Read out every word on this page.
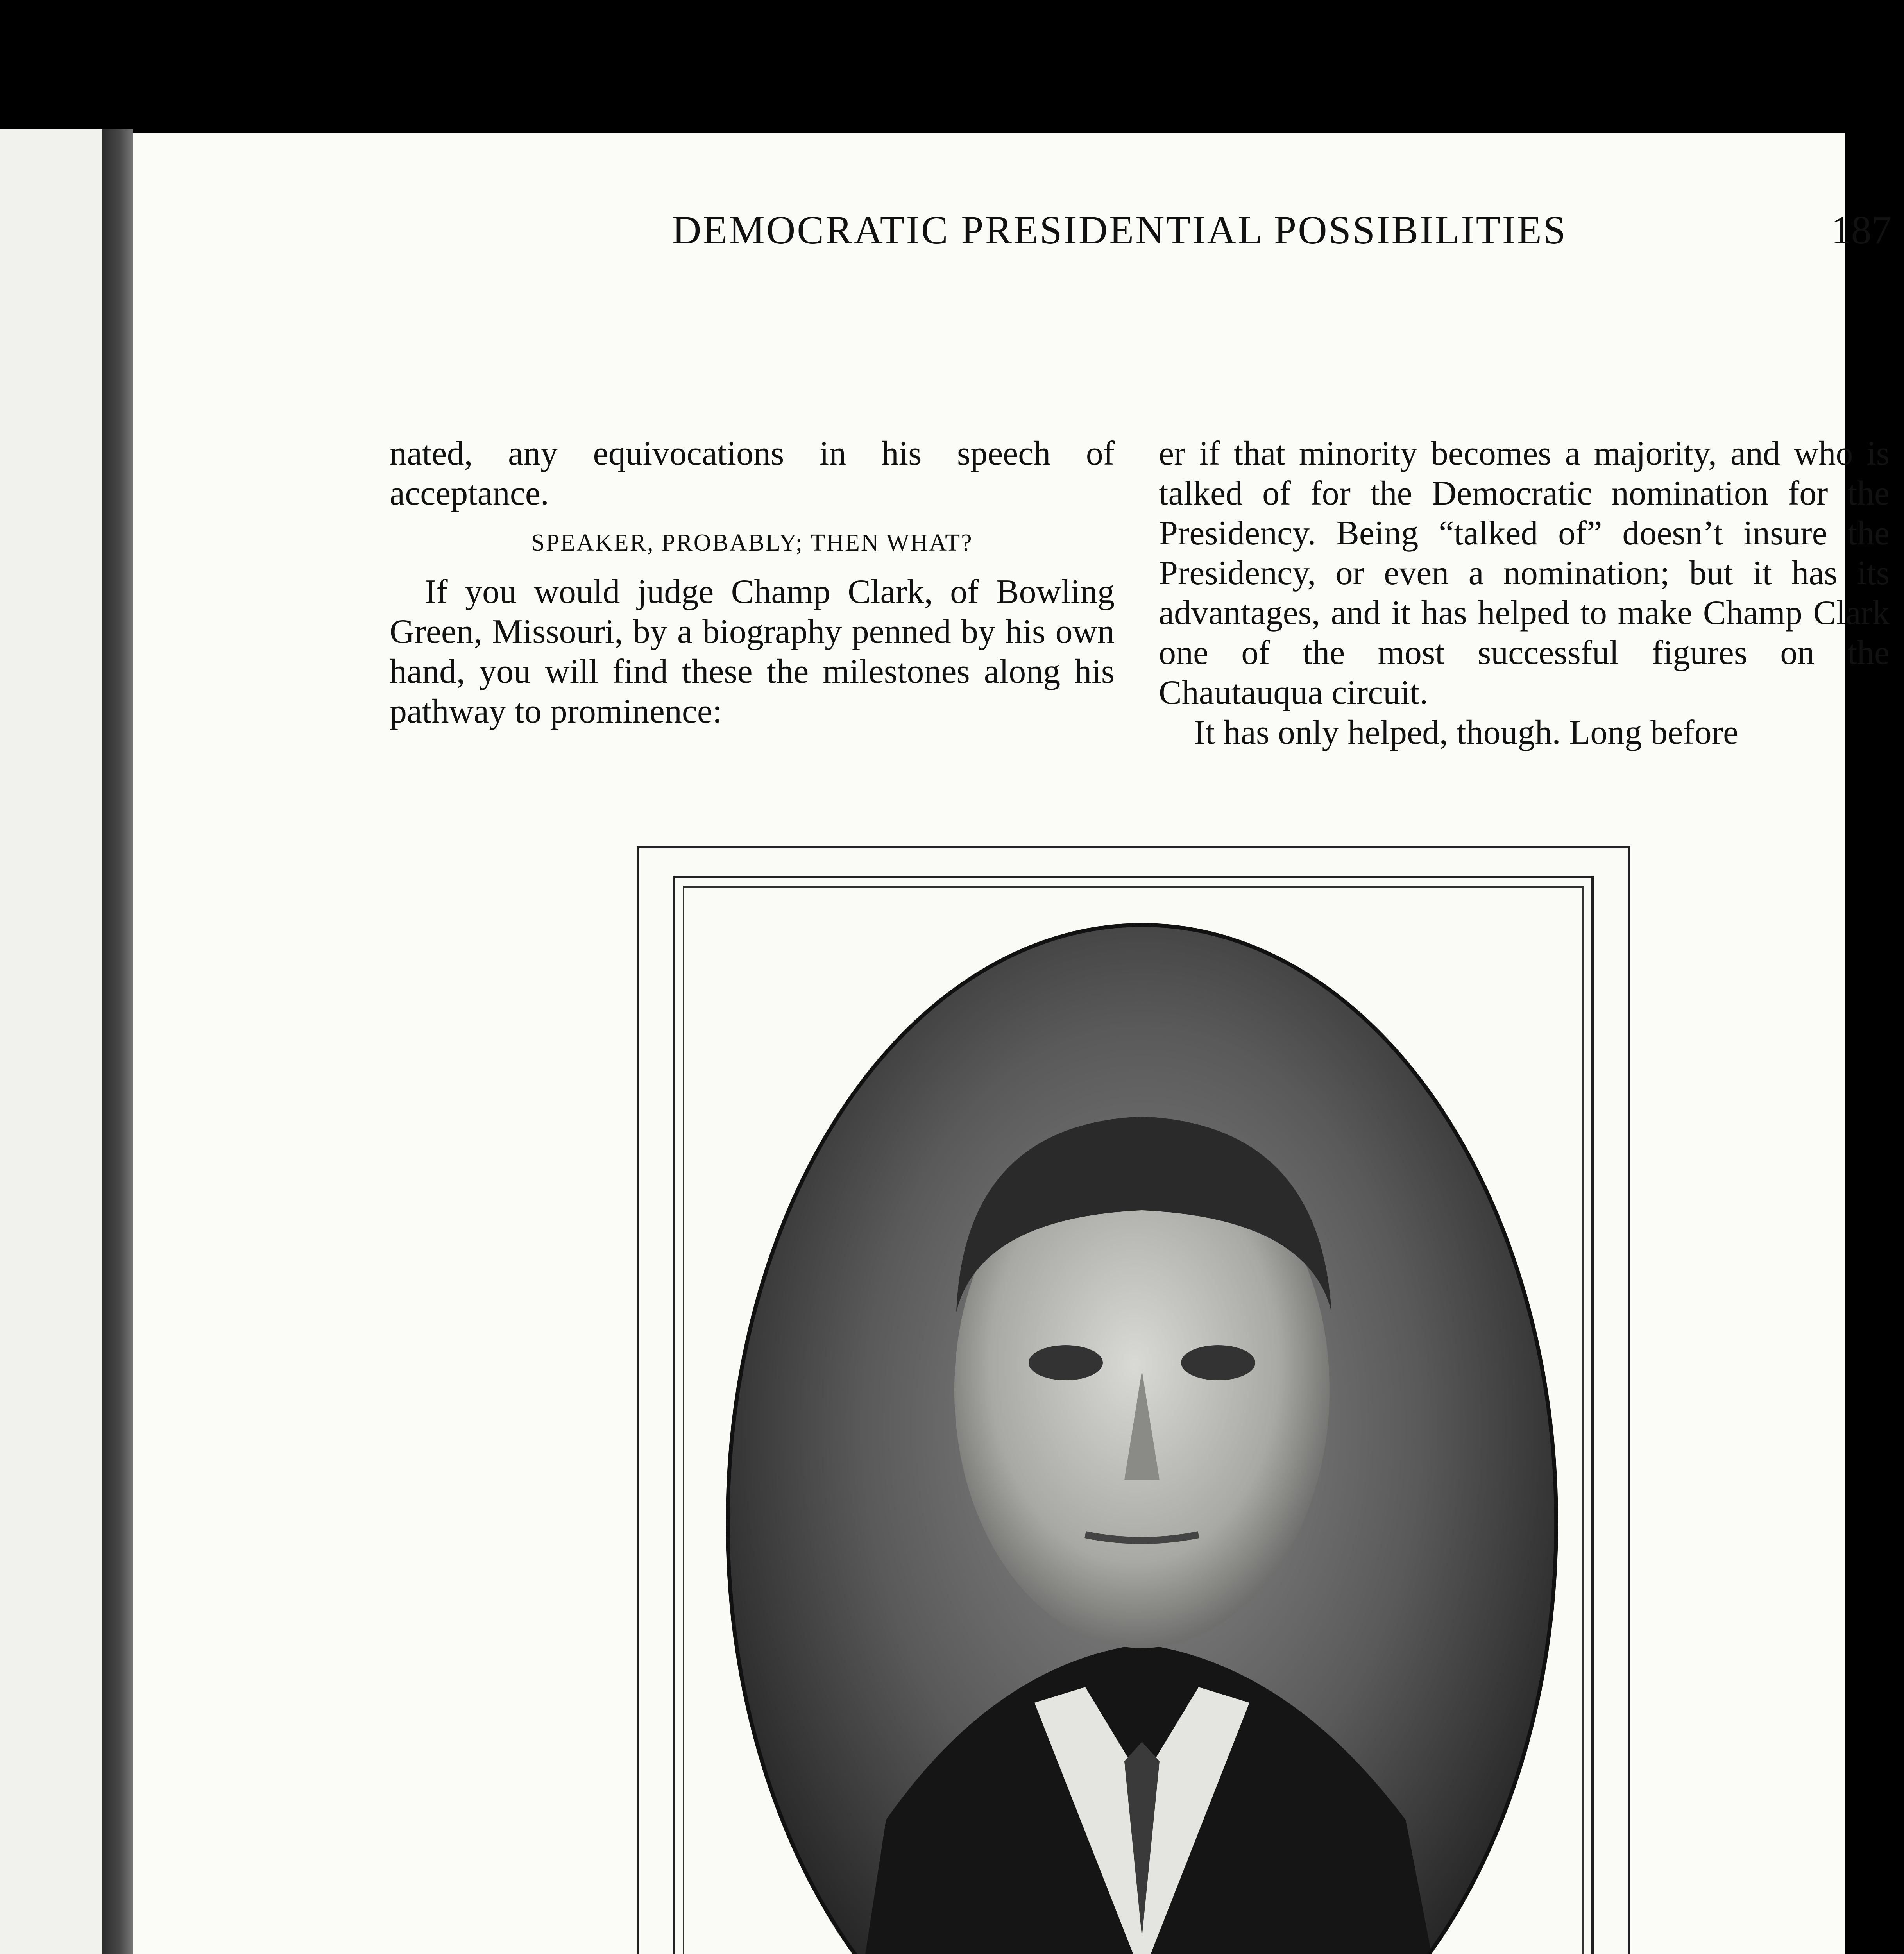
DEMOCRATIC PRESIDENTIAL POSSIBILITIES	187

nated, any equivocations in his speech of acceptance.

SPEAKER, PROBABLY; THEN WHAT?

If you would judge Champ Clark, of Bowling Green, Missouri, by a biography penned by his own hand, you will find these the milestones along his pathway to prominence:

er if that minority becomes a majority, and who is talked of for the Democratic nomination for the Presidency. Being “talked of” doesn’t insure the Presidency, or even a nomination; but it has its advantages, and it has helped to make Champ Clark one of the most successful figures on the Chautauqua circuit.

It has only helped, though. Long before
